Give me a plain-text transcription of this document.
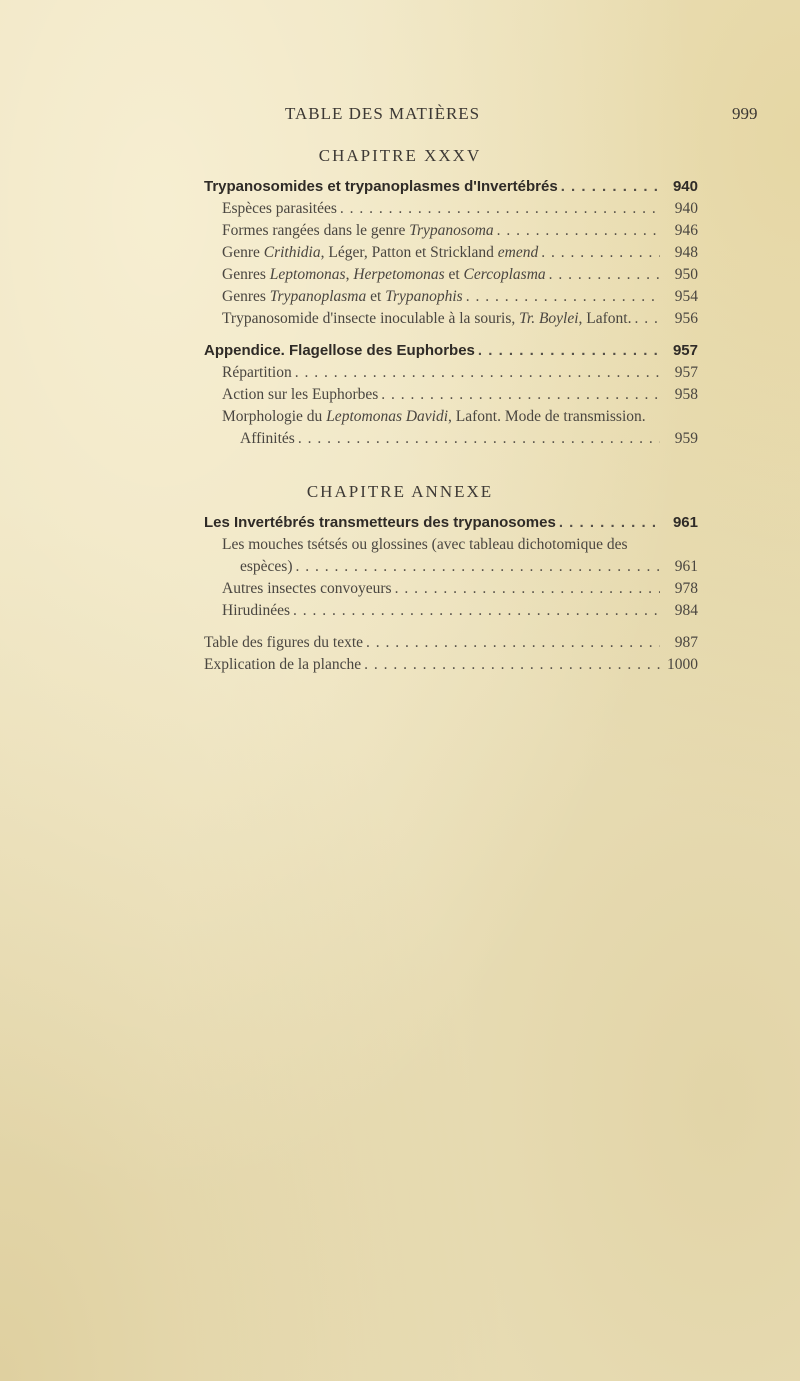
TABLE DES MATIÈRES	999
CHAPITRE XXXV
Trypanosomides et trypanoplasmes d'Invertébrés . . .	940
Espèces parasitées . . .	940
Formes rangées dans le genre Trypanosoma . . .	946
Genre Crithidia, Léger, Patton et Strickland emend . . .	948
Genres Leptomonas, Herpetomonas et Cercoplasma . . .	950
Genres Trypanoplasma et Trypanophis . . .	954
Trypanosomide d'insecte inoculable à la souris, Tr. Boylei, Lafont. . . .	956
Appendice. Flagellose des Euphorbes . . .	957
Répartition . . .	957
Action sur les Euphorbes . . .	958
Morphologie du Leptomonas Davidi, Lafont. Mode de transmission.
Affinités . . .	959
CHAPITRE ANNEXE
Les Invertébrés transmetteurs des trypanosomes . . .	961
Les mouches tsétsés ou glossines (avec tableau dichotomique des
espèces) . . .	961
Autres insectes convoyeurs . . .	978
Hirudinées . . .	984
Table des figures du texte . . .	987
Explication de la planche . . .	1000
